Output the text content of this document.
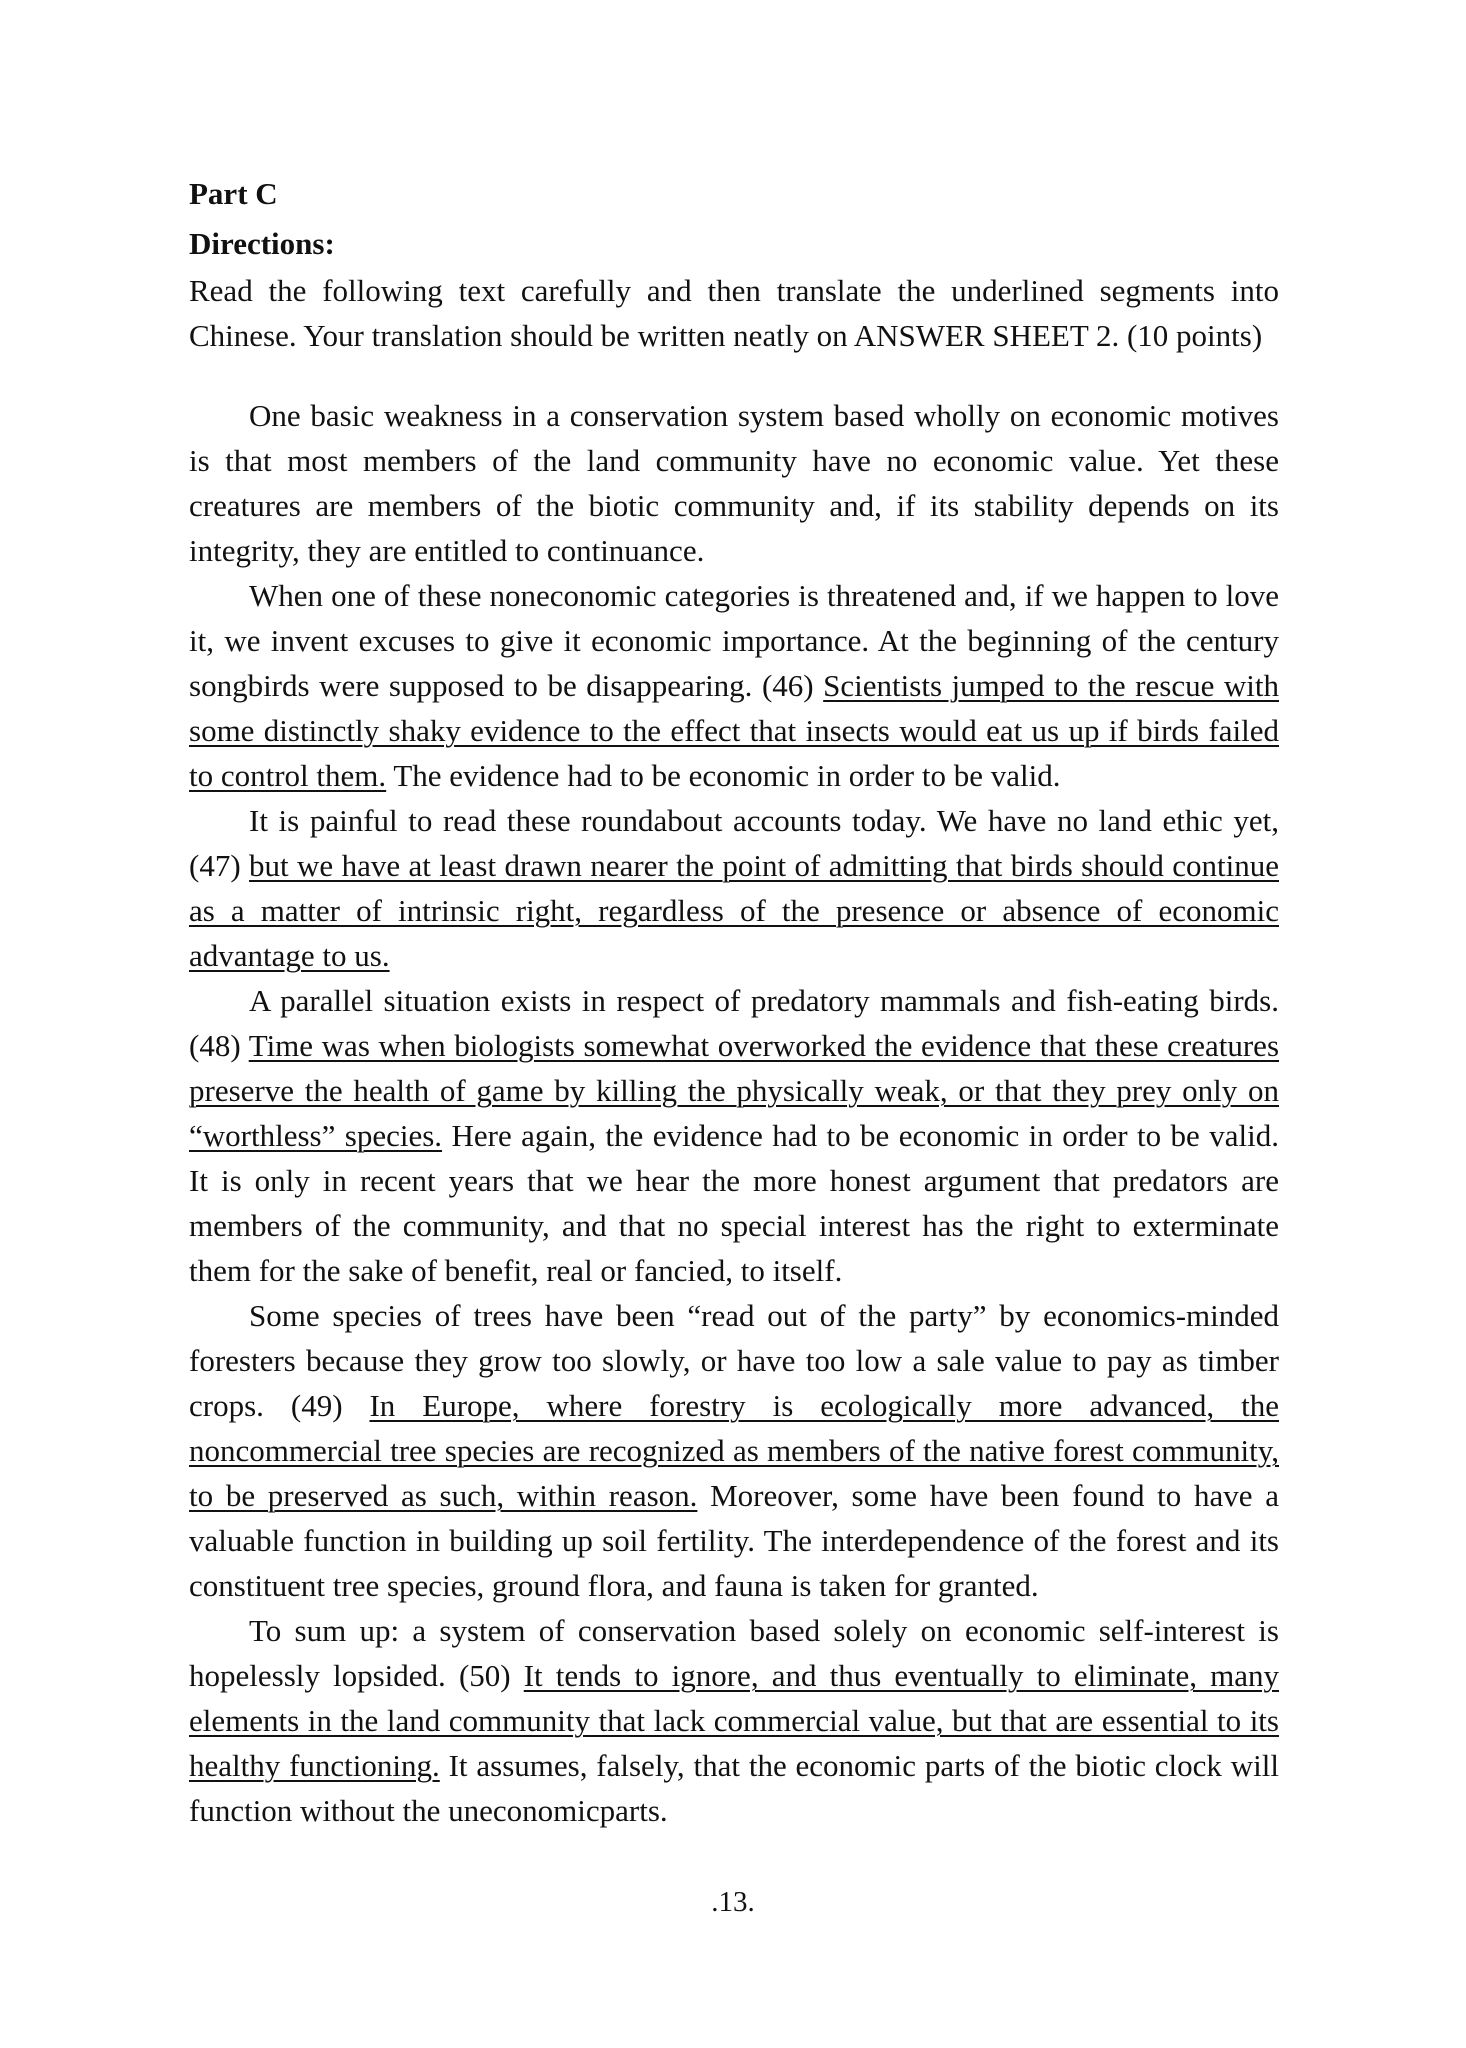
Part C

Directions:

Read the following text carefully and then translate the underlined segments into Chinese. Your translation should be written neatly on ANSWER SHEET 2. (10 points)

One basic weakness in a conservation system based wholly on economic motives is that most members of the land community have no economic value. Yet these creatures are members of the biotic community and, if its stability depends on its integrity, they are entitled to continuance.

When one of these noneconomic categories is threatened and, if we happen to love it, we invent excuses to give it economic importance. At the beginning of the century songbirds were supposed to be disappearing. (46) Scientists jumped to the rescue with some distinctly shaky evidence to the effect that insects would eat us up if birds failed to control them. The evidence had to be economic in order to be valid.

It is painful to read these roundabout accounts today. We have no land ethic yet, (47) but we have at least drawn nearer the point of admitting that birds should continue as a matter of intrinsic right, regardless of the presence or absence of economic advantage to us.

A parallel situation exists in respect of predatory mammals and fish-eating birds. (48) Time was when biologists somewhat overworked the evidence that these creatures preserve the health of game by killing the physically weak, or that they prey only on “worthless” species. Here again, the evidence had to be economic in order to be valid. It is only in recent years that we hear the more honest argument that predators are members of the community, and that no special interest has the right to exterminate them for the sake of benefit, real or fancied, to itself.

Some species of trees have been “read out of the party” by economics-minded foresters because they grow too slowly, or have too low a sale value to pay as timber crops. (49) In Europe, where forestry is ecologically more advanced, the noncommercial tree species are recognized as members of the native forest community, to be preserved as such, within reason. Moreover, some have been found to have a valuable function in building up soil fertility. The interdependence of the forest and its constituent tree species, ground flora, and fauna is taken for granted.

To sum up: a system of conservation based solely on economic self-interest is hopelessly lopsided. (50) It tends to ignore, and thus eventually to eliminate, many elements in the land community that lack commercial value, but that are essential to its healthy functioning. It assumes, falsely, that the economic parts of the biotic clock will function without the uneconomicparts.

.13.
